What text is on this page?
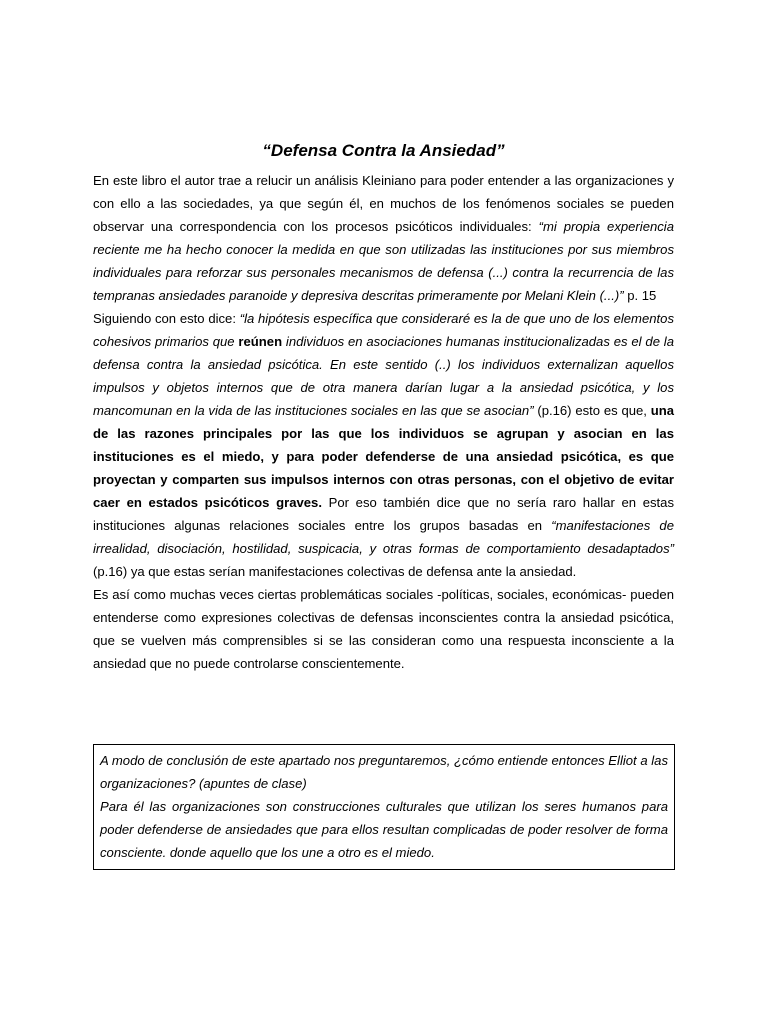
“Defensa Contra la Ansiedad”

En este libro el autor trae a relucir un análisis Kleiniano para poder entender a las organizaciones y con ello a las sociedades, ya que según él, en muchos de los fenómenos sociales se pueden observar una correspondencia con los procesos psicóticos individuales: “mi propia experiencia reciente me ha hecho conocer la medida en que son utilizadas las instituciones por sus miembros individuales para reforzar sus personales mecanismos de defensa (...) contra la recurrencia de las tempranas ansiedades paranoide y depresiva descritas primeramente por Melani Klein (...)” p. 15

Siguiendo con esto dice: “la hipótesis específica que consideraré es la de que uno de los elementos cohesivos primarios que reúnen individuos en asociaciones humanas institucionalizadas es el de la defensa contra la ansiedad psicótica. En este sentido (..) los individuos externalizan aquellos impulsos y objetos internos que de otra manera darían lugar a la ansiedad psicótica, y los mancomunan en la vida de las instituciones sociales en las que se asocian” (p.16) esto es que, una de las razones principales por las que los individuos se agrupan y asocian en las instituciones es el miedo, y para poder defenderse de una ansiedad psicótica, es que proyectan y comparten sus impulsos internos con otras personas, con el objetivo de evitar caer en estados psicóticos graves. Por eso también dice que no sería raro hallar en estas instituciones algunas relaciones sociales entre los grupos basadas en “manifestaciones de irrealidad, disociación, hostilidad, suspicacia, y otras formas de comportamiento desadaptados” (p.16) ya que estas serían manifestaciones colectivas de defensa ante la ansiedad.

Es así como muchas veces ciertas problemáticas sociales -políticas, sociales, económicas- pueden entenderse como expresiones colectivas de defensas inconscientes contra la ansiedad psicótica, que se vuelven más comprensibles si se las consideran como una respuesta inconsciente a la ansiedad que no puede controlarse conscientemente.

A modo de conclusión de este apartado nos preguntaremos, ¿cómo entiende entonces Elliot a las organizaciones? (apuntes de clase)

Para él las organizaciones son construcciones culturales que utilizan los seres humanos para poder defenderse de ansiedades que para ellos resultan complicadas de poder resolver de forma consciente. donde aquello que los une a otro es el miedo.
